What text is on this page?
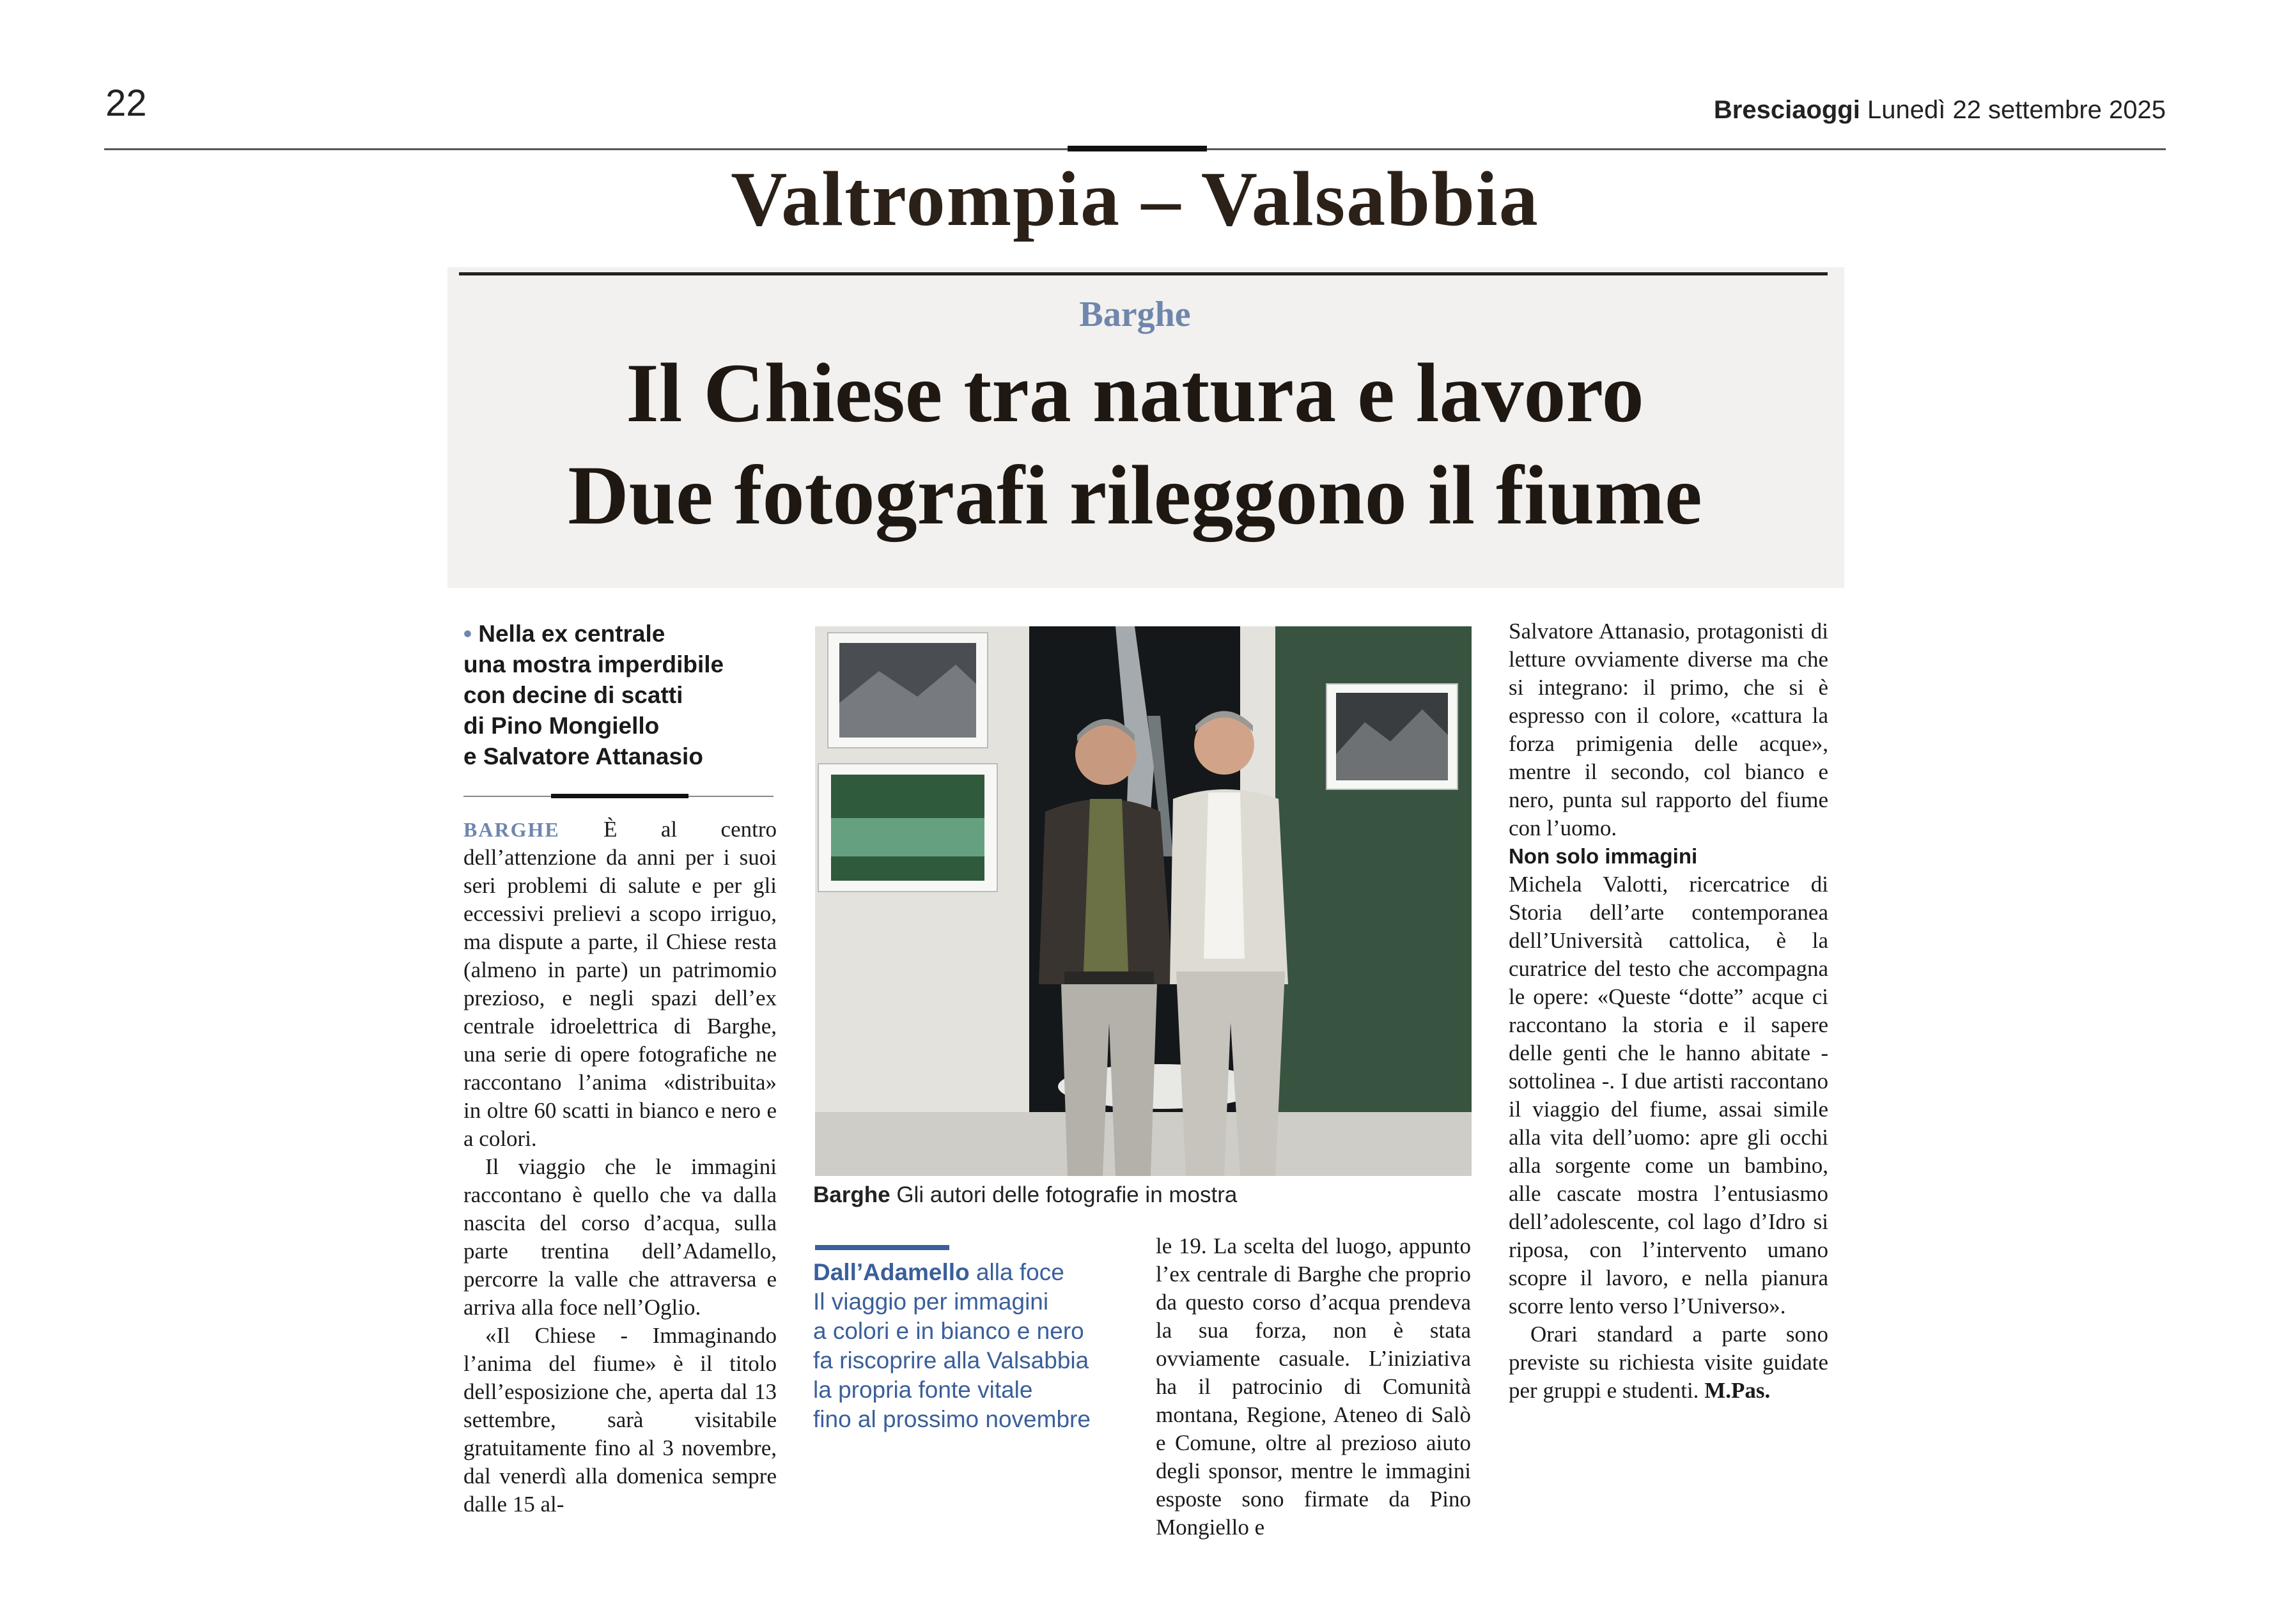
22	Bresciaoggi Lunedì 22 settembre 2025
Valtrompia – Valsabbia
Barghe
Il Chiese tra natura e lavoro
Due fotografi rileggono il fiume
• Nella ex centrale
una mostra imperdibile
con decine di scatti
di Pino Mongiello
e Salvatore Attanasio

BARGHE È al centro dell’attenzione da anni per i suoi seri problemi di salute e per gli eccessivi prelievi a scopo irriguo, ma dispute a parte, il Chiese resta (almeno in parte) un patrimomio prezioso, e negli spazi dell’ex centrale idroelettrica di Barghe, una serie di opere fotografiche ne raccontano l’anima «distribuita» in oltre 60 scatti in bianco e nero e a colori.

Il viaggio che le immagini raccontano è quello che va dalla nascita del corso d’acqua, sulla parte trentina dell’Adamello, percorre la valle che attraversa e arriva alla foce nell’Oglio.

«Il Chiese - Immaginando l’anima del fiume» è il titolo dell’esposizione che, aperta dal 13 settembre, sarà visitabile gratuitamente fino al 3 novembre, dal venerdì alla domenica sempre dalle 15 al-

Barghe Gli autori delle fotografie in mostra
Dall’Adamello alla foce
Il viaggio per immagini
a colori e in bianco e nero
fa riscoprire alla Valsabbia
la propria fonte vitale
fino al prossimo novembre

le 19. La scelta del luogo, appunto l’ex centrale di Barghe che proprio da questo corso d’acqua prendeva la sua forza, non è stata ovviamente casuale. L’iniziativa ha il patrocinio di Comunità montana, Regione, Ateneo di Salò e Comune, oltre al prezioso aiuto degli sponsor, mentre le immagini esposte sono firmate da Pino Mongiello e

Salvatore Attanasio, protagonisti di letture ovviamente diverse ma che si integrano: il primo, che si è espresso con il colore, «cattura la forza primigenia delle acque», mentre il secondo, col bianco e nero, punta sul rapporto del fiume con l’uomo.

Non solo immagini

Michela Valotti, ricercatrice di Storia dell’arte contemporanea dell’Università cattolica, è la curatrice del testo che accompagna le opere: «Queste “dotte” acque ci raccontano la storia e il sapere delle genti che le hanno abitate - sottolinea -. I due artisti raccontano il viaggio del fiume, assai simile alla vita dell’uomo: apre gli occhi alla sorgente come un bambino, alle cascate mostra l’entusiasmo dell’adolescente, col lago d’Idro si riposa, con l’intervento umano scopre il lavoro, e nella pianura scorre lento verso l’Universo».

Orari standard a parte sono previste su richiesta visite guidate per gruppi e studenti. M.Pas.
